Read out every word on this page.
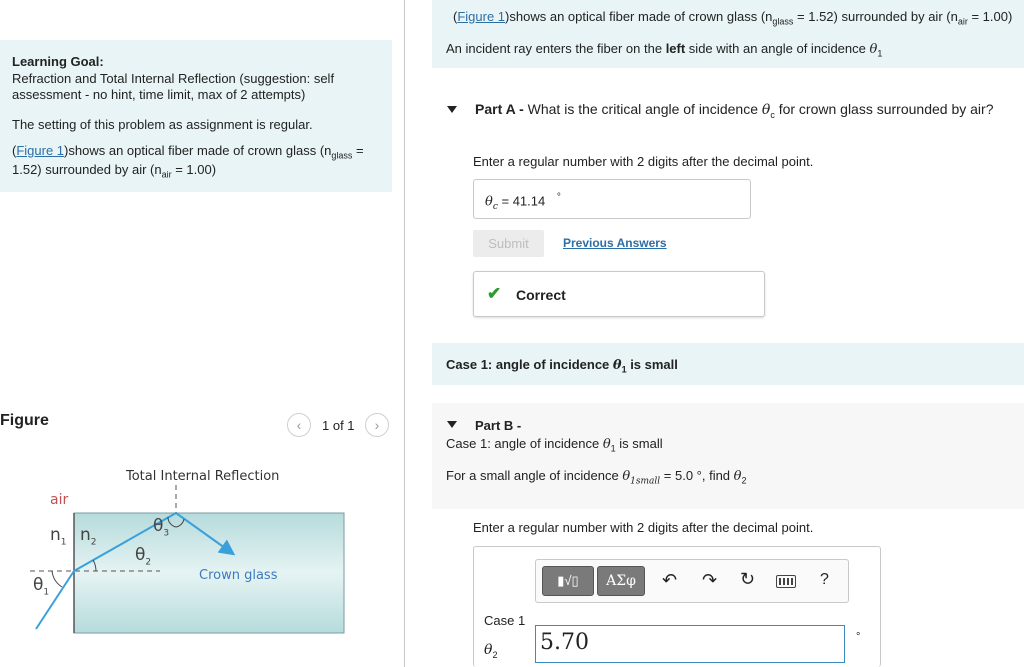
Learning Goal:
Refraction and Total Internal Reflection (suggestion: self
assessment - no hint, time limit, max of 2 attempts)
The setting of this problem as assignment is regular.
(Figure 1)shows an optical fiber made of crown glass ($n_{glass}$ =
1.52) surrounded by air $(n_{air} = 1.00)$
Figure	‹	1 of 1	›
Total Internal Reflection
air
$n_1$ $n_2$
$\theta_1$
$\theta_2$
$\theta_3$
Crown glass
(Figure 1)shows an optical fiber made of crown glass $(n_{glass} = 1.52)$ surrounded by air $(n_{air} = 1.00)$
An incident ray enters the fiber on the left side with an angle of incidence $\theta_1$
Part A - What is the critical angle of incidence $\theta_c$ for crown glass surrounded by air?
Enter a regular number with 2 digits after the decimal point.
$\theta_c = 41.14$ °
Submit	Previous Answers
✔ Correct
Case 1: angle of incidence $\theta_1$ is small
Part B -
Case 1: angle of incidence $\theta_1$ is small
For a small angle of incidence $\theta_{1small} = 5.0$ °, find $\theta_2$
Enter a regular number with 2 digits after the decimal point.
▮√▯	ΑΣφ	↶ ↷ ↻	?
Case 1
$\theta_2$ 5.70	°
